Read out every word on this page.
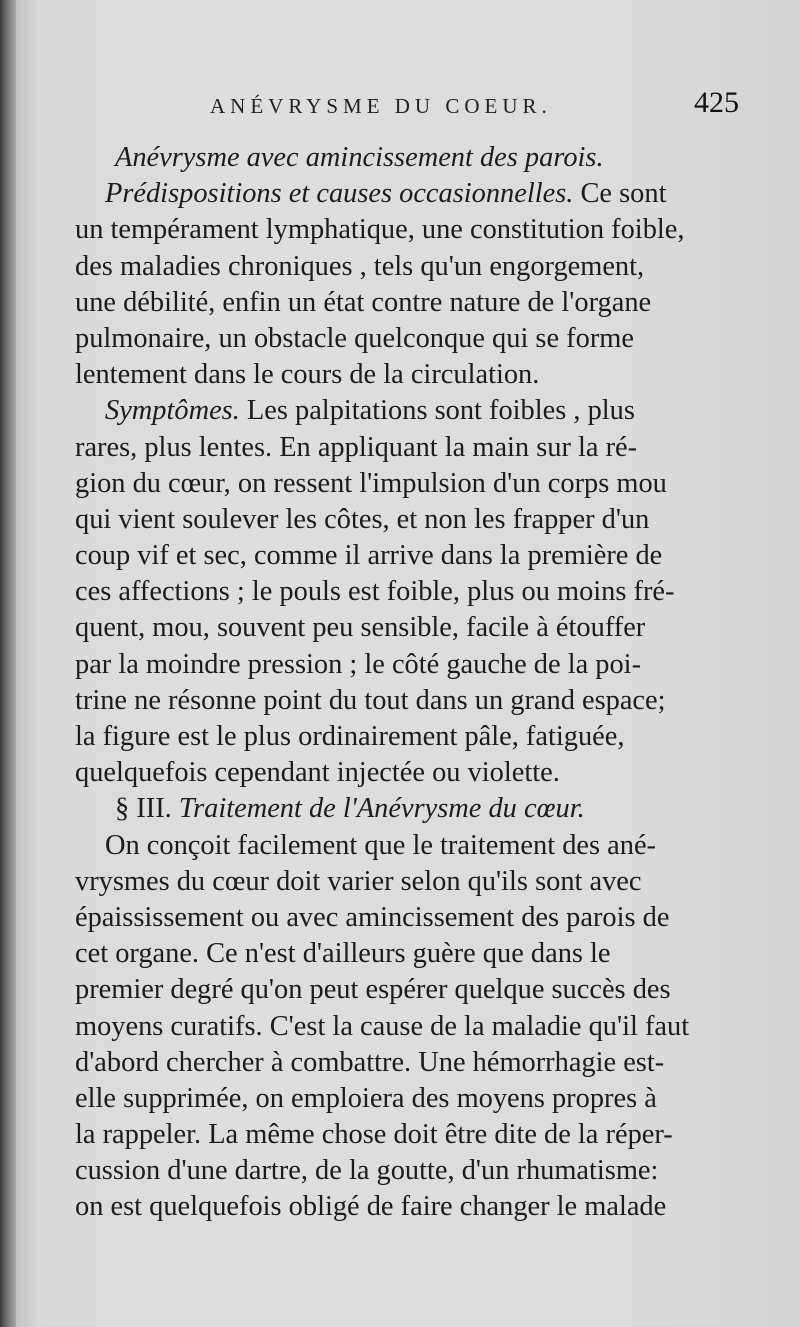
ANÉVRYSME DU COEUR.	425
Anévrysme avec amincissement des parois.
Prédispositions et causes occasionnelles. Ce sont
un tempérament lymphatique, une constitution foible,
des maladies chroniques , tels qu'un engorgement,
une débilité, enfin un état contre nature de l'organe
pulmonaire, un obstacle quelconque qui se forme
lentement dans le cours de la circulation.
Symptômes. Les palpitations sont foibles , plus
rares, plus lentes. En appliquant la main sur la ré-
gion du cœur, on ressent l'impulsion d'un corps mou
qui vient soulever les côtes, et non les frapper d'un
coup vif et sec, comme il arrive dans la première de
ces affections ; le pouls est foible, plus ou moins fré-
quent, mou, souvent peu sensible, facile à étouffer
par la moindre pression ; le côté gauche de la poi-
trine ne résonne point du tout dans un grand espace;
la figure est le plus ordinairement pâle, fatiguée,
quelquefois cependant injectée ou violette.
§ III. Traitement de l'Anévrysme du cœur.
On conçoit facilement que le traitement des ané-
vrysmes du cœur doit varier selon qu'ils sont avec
épaississement ou avec amincissement des parois de
cet organe. Ce n'est d'ailleurs guère que dans le
premier degré qu'on peut espérer quelque succès des
moyens curatifs. C'est la cause de la maladie qu'il faut
d'abord chercher à combattre. Une hémorrhagie est-
elle supprimée, on emploiera des moyens propres à
la rappeler. La même chose doit être dite de la réper-
cussion d'une dartre, de la goutte, d'un rhumatisme:
on est quelquefois obligé de faire changer le malade
